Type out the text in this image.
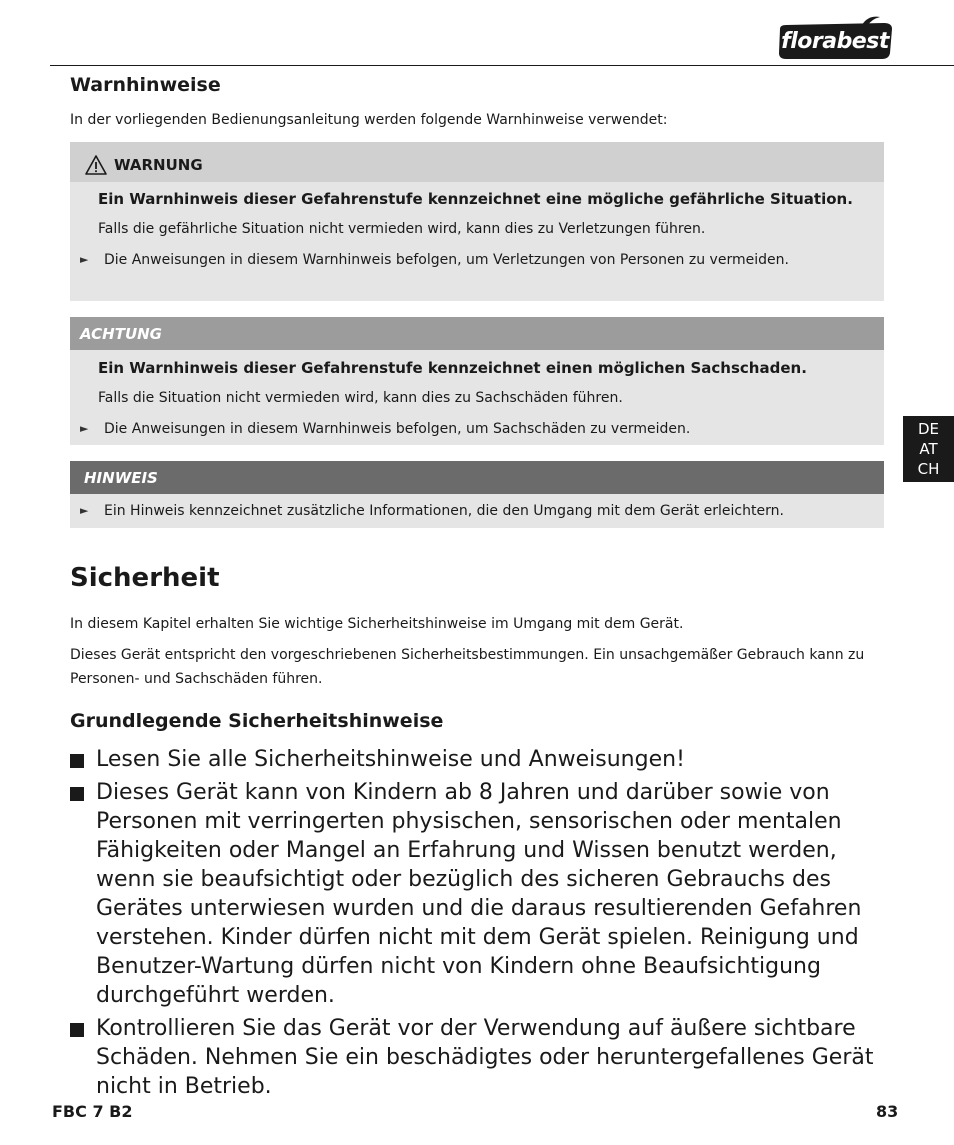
florabest
Warnhinweise
In der vorliegenden Bedienungsanleitung werden folgende Warnhinweise verwendet:
WARNUNG
Ein Warnhinweis dieser Gefahrenstufe kennzeichnet eine mögliche gefährliche Situation.
Falls die gefährliche Situation nicht vermieden wird, kann dies zu Verletzungen führen.
►	Die Anweisungen in diesem Warnhinweis befolgen, um Verletzungen von Personen zu vermeiden.
ACHTUNG
Ein Warnhinweis dieser Gefahrenstufe kennzeichnet einen möglichen Sachschaden.
Falls die Situation nicht vermieden wird, kann dies zu Sachschäden führen.
►	Die Anweisungen in diesem Warnhinweis befolgen, um Sachschäden zu vermeiden.
HINWEIS
►	Ein Hinweis kennzeichnet zusätzliche Informationen, die den Umgang mit dem Gerät erleichtern.
DE
AT
CH
Sicherheit
In diesem Kapitel erhalten Sie wichtige Sicherheitshinweise im Umgang mit dem Gerät.
Dieses Gerät entspricht den vorgeschriebenen Sicherheitsbestimmungen. Ein unsachgemäßer Gebrauch kann zu Personen- und Sachschäden führen.
Grundlegende Sicherheitshinweise
Lesen Sie alle Sicherheitshinweise und Anweisungen!
Dieses Gerät kann von Kindern ab 8 Jahren und darüber sowie von Personen mit verringerten physischen, sensorischen oder mentalen Fähigkeiten oder Mangel an Erfahrung und Wissen benutzt werden, wenn sie beaufsichtigt oder bezüglich des sicheren Gebrauchs des Gerätes unterwiesen wurden und die daraus resultierenden Gefahren verstehen. Kinder dürfen nicht mit dem Gerät spielen. Reinigung und Benutzer-Wartung dürfen nicht von Kindern ohne Beaufsichtigung durchgeführt werden.
Kontrollieren Sie das Gerät vor der Verwendung auf äußere sichtbare Schäden. Nehmen Sie ein beschädigtes oder heruntergefallenes Gerät nicht in Betrieb.
FBC 7 B2	83
